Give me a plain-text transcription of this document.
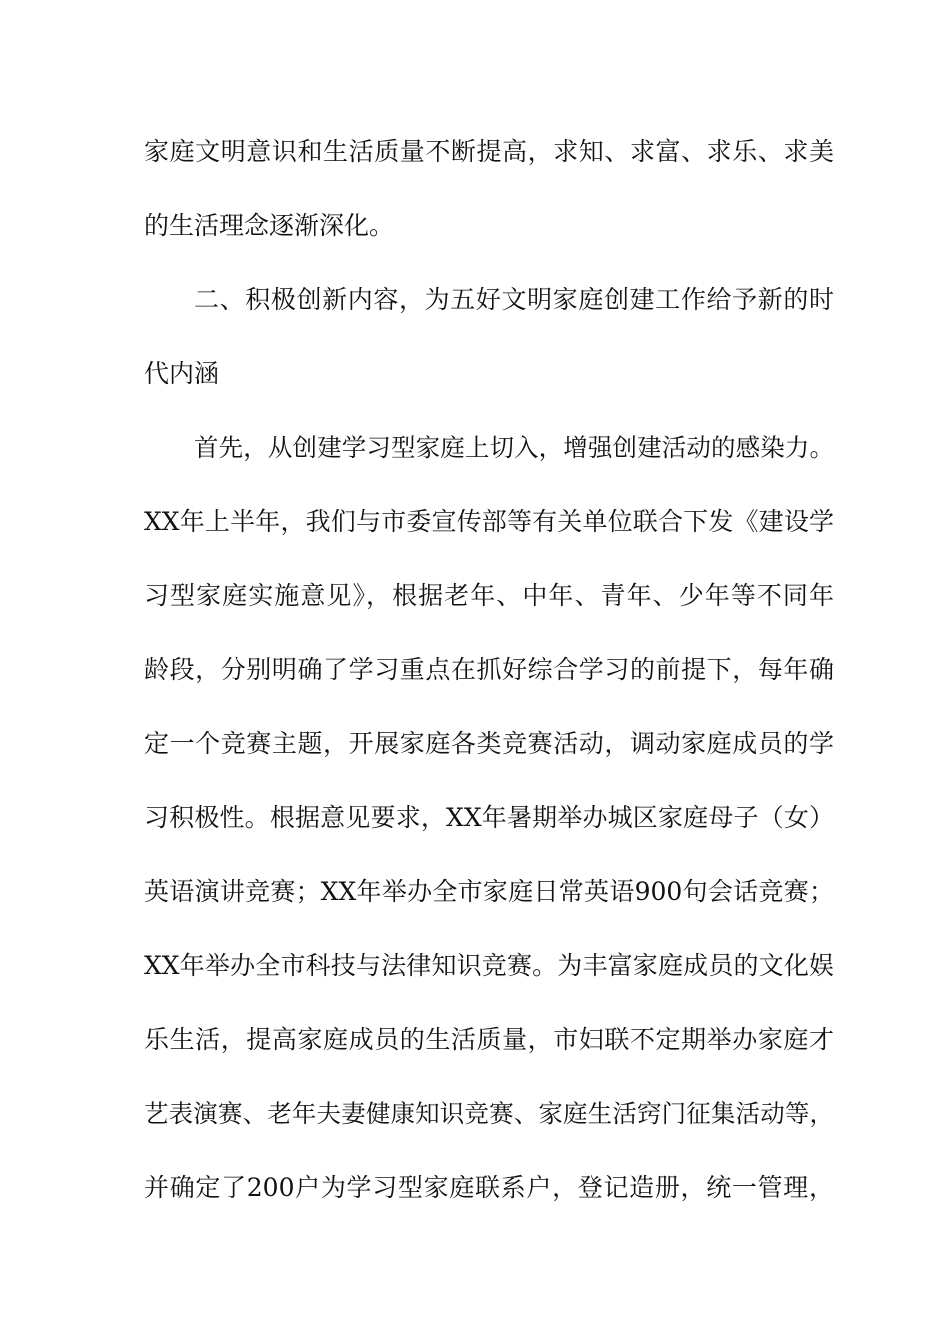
家庭文明意识和生活质量不断提高，求知、求富、求乐、求美
的生活理念逐渐深化。
二、积极创新内容，为五好文明家庭创建工作给予新的时
代内涵
首先，从创建学习型家庭上切入，增强创建活动的感染力。
XX年上半年，我们与市委宣传部等有关单位联合下发《建设学
习型家庭实施意见》，根据老年、中年、青年、少年等不同年
龄段，分别明确了学习重点在抓好综合学习的前提下，每年确
定一个竞赛主题，开展家庭各类竞赛活动，调动家庭成员的学
习积极性。根据意见要求，XX年暑期举办城区家庭母子（女）
英语演讲竞赛；XX年举办全市家庭日常英语900句会话竞赛；
XX年举办全市科技与法律知识竞赛。为丰富家庭成员的文化娱
乐生活，提高家庭成员的生活质量，市妇联不定期举办家庭才
艺表演赛、老年夫妻健康知识竞赛、家庭生活窍门征集活动等，
并确定了200户为学习型家庭联系户，登记造册，统一管理，
